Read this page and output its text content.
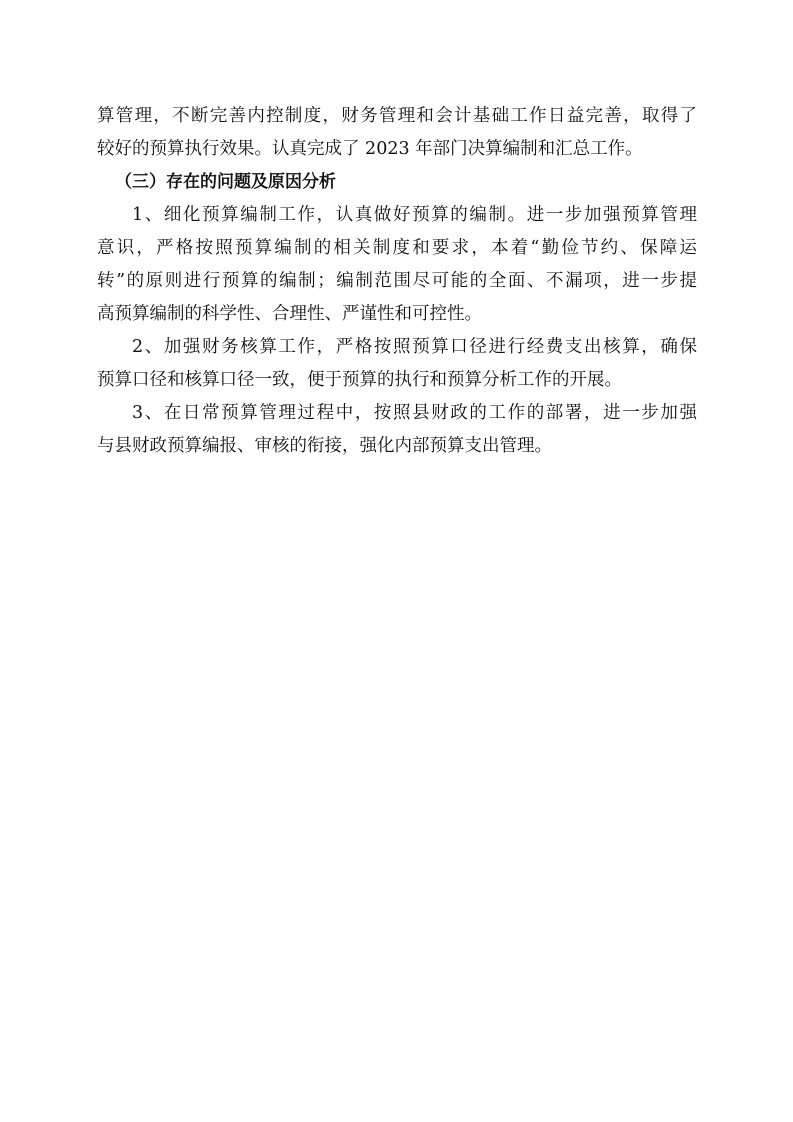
算管理，不断完善内控制度，财务管理和会计基础工作日益完善，取得了
较好的预算执行效果。认真完成了 2023 年部门决算编制和汇总工作。
（三）存在的问题及原因分析
1、细化预算编制工作，认真做好预算的编制。进一步加强预算管理
意识，严格按照预算编制的相关制度和要求，本着“勤俭节约、保障运
转”的原则进行预算的编制；编制范围尽可能的全面、不漏项，进一步提
高预算编制的科学性、合理性、严谨性和可控性。
2、加强财务核算工作，严格按照预算口径进行经费支出核算，确保
预算口径和核算口径一致，便于预算的执行和预算分析工作的开展。
3、在日常预算管理过程中，按照县财政的工作的部署，进一步加强
与县财政预算编报、审核的衔接，强化内部预算支出管理。
